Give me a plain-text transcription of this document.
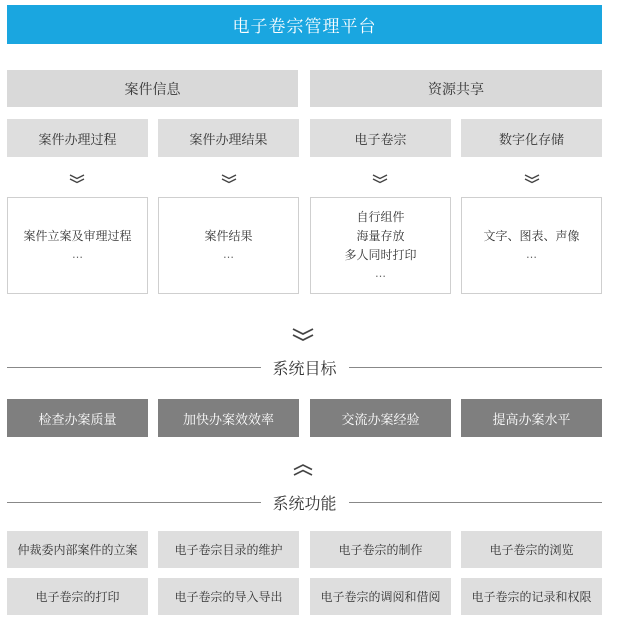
电子卷宗管理平台
案件信息	资源共享
案件办理过程	案件办理结果	电子卷宗	数字化存储
案件立案及审理过程
…
案件结果
…
自行组件
海量存放
多人同时打印
…
文字、图表、声像
…
系统目标
检查办案质量	加快办案效效率	交流办案经验	提高办案水平
系统功能
仲裁委内部案件的立案	电子卷宗目录的维护	电子卷宗的制作	电子卷宗的浏览
电子卷宗的打印	电子卷宗的导入导出	电子卷宗的调阅和借阅	电子卷宗的记录和权限
